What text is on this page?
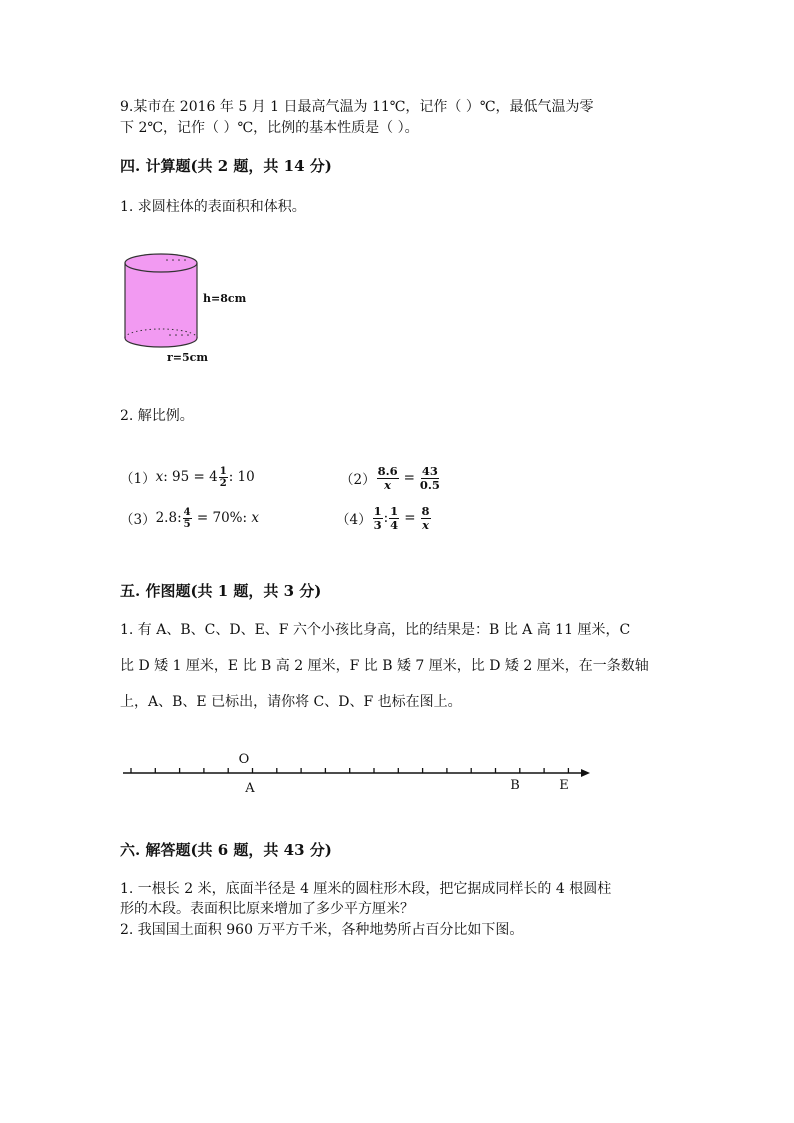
9.某市在 2016 年 5 月 1 日最高气温为 11℃，记作（ ）℃，最低气温为零
下 2℃，记作（ ）℃，比例的基本性质是（ ）。
四. 计算题(共 2 题，共 14 分)
1. 求圆柱体的表面积和体积。
h=8cm
r=5cm
2. 解比例。
（1） x : $95 = 4 \frac{1}{2}$ : 10	$(2) \frac{8.6}{x} = \frac{43}{0.5}$
（3） 2.8: $\frac{4}{5} = 70\%$: x	$(4) \frac{1}{3}$ : $\frac{1}{4} = \frac{8}{x}$
五. 作图题(共 1 题，共 3 分)
1. 有 A、B、C、D、E、F 六个小孩比身高，比的结果是：B 比 A 高 11 厘米，C
比 D 矮 1 厘米，E 比 B 高 2 厘米，F 比 B 矮 7 厘米，比 D 矮 2 厘米，在一条数轴
上，A、B、E 已标出，请你将 C、D、F 也标在图上。
O
A	B	E
六. 解答题(共 6 题，共 43 分)
1. 一根长 2 米，底面半径是 4 厘米的圆柱形木段，把它据成同样长的 4 根圆柱
形的木段。表面积比原来增加了多少平方厘米？
2. 我国国土面积 960 万平方千米，各种地势所占百分比如下图。
